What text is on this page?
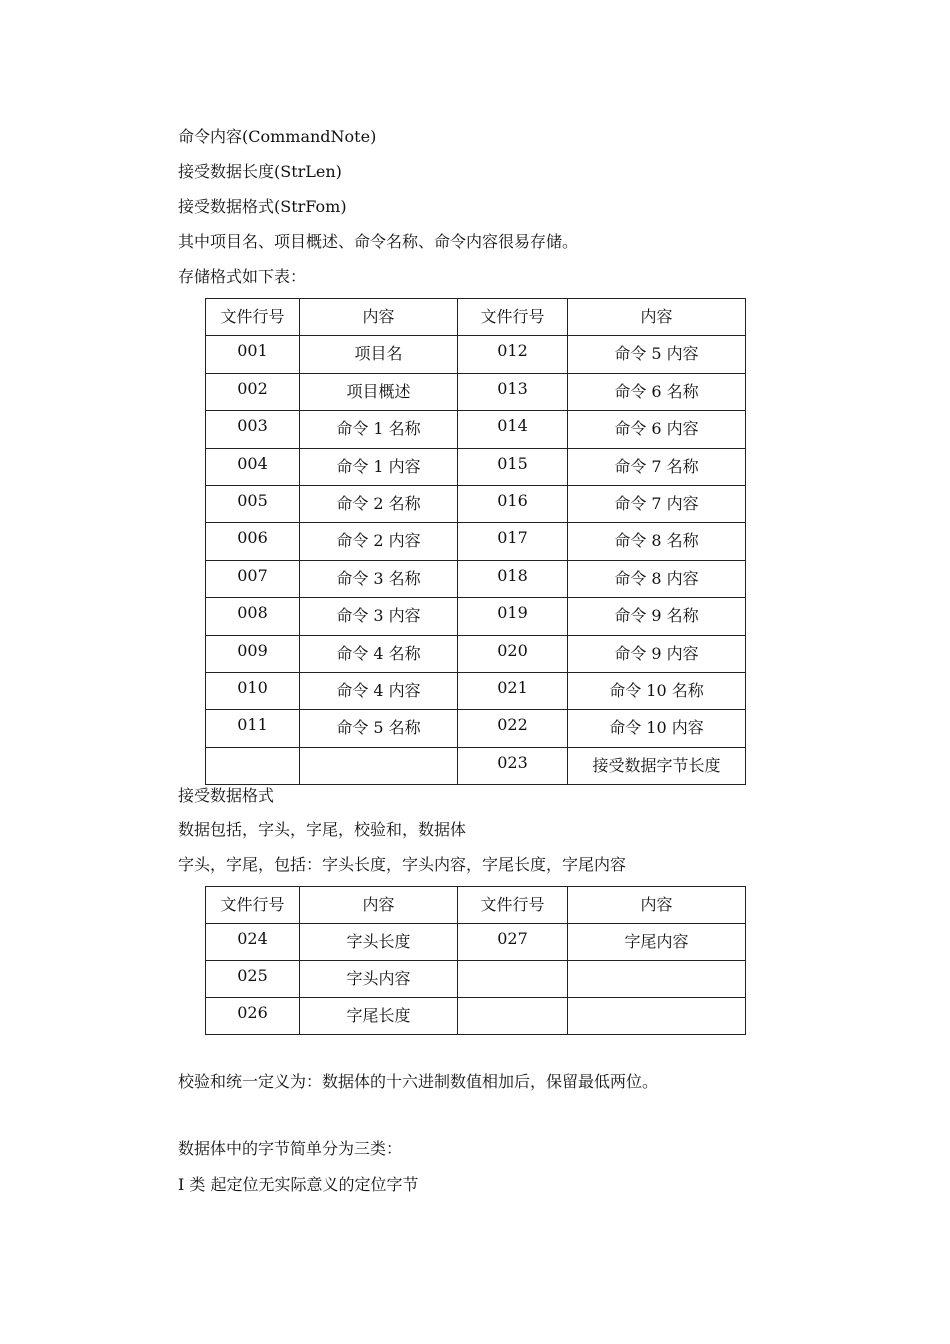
命令内容(CommandNote)
接受数据长度(StrLen)
接受数据格式(StrFom)
其中项目名、项目概述、命令名称、命令内容很易存储。
存储格式如下表：
文件行号	内容	文件行号	内容
001	项目名	012	命令 5 内容
002	项目概述	013	命令 6 名称
003	命令 1 名称	014	命令 6 内容
004	命令 1 内容	015	命令 7 名称
005	命令 2 名称	016	命令 7 内容
006	命令 2 内容	017	命令 8 名称
007	命令 3 名称	018	命令 8 内容
008	命令 3 内容	019	命令 9 名称
009	命令 4 名称	020	命令 9 内容
010	命令 4 内容	021	命令 10 名称
011	命令 5 名称	022	命令 10 内容
		023	接受数据字节长度
接受数据格式
数据包括，字头，字尾，校验和，数据体
字头，字尾，包括：字头长度，字头内容，字尾长度，字尾内容
文件行号	内容	文件行号	内容
024	字头长度	027	字尾内容
025	字头内容		
026	字尾长度		
校验和统一定义为：数据体的十六进制数值相加后，保留最低两位。
数据体中的字节简单分为三类：
I 类 起定位无实际意义的定位字节
